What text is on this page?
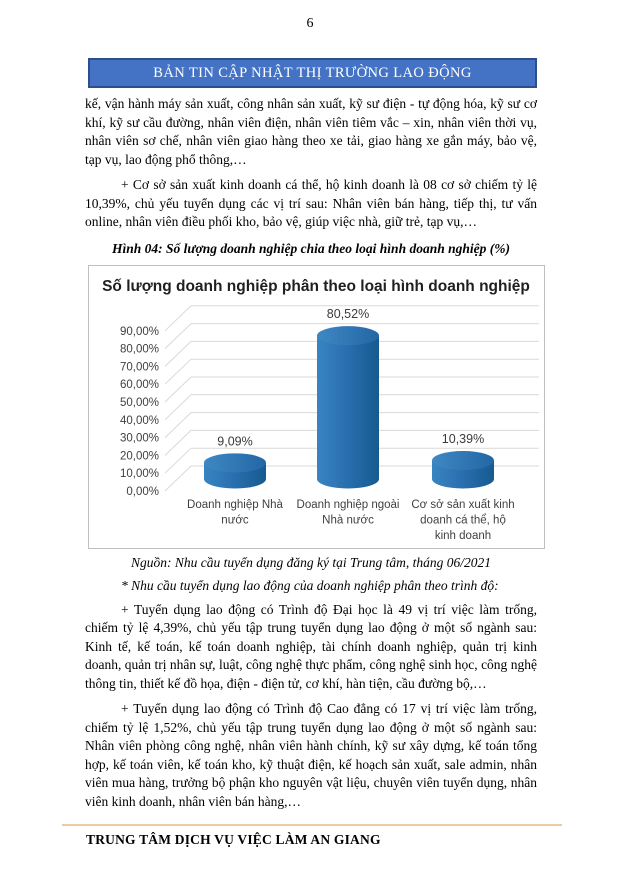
6
BẢN TIN CẬP NHẬT THỊ TRƯỜNG LAO ĐỘNG

kế, vận hành máy sản xuất, công nhân sản xuất, kỹ sư điện - tự động hóa, kỹ sư cơ khí, kỹ sư cầu đường, nhân viên điện, nhân viên tiêm vắc – xin, nhân viên thời vụ, nhân viên sơ chế, nhân viên giao hàng theo xe tải, giao hàng xe gắn máy, bảo vệ, tạp vụ, lao động phổ thông,…

+ Cơ sở sản xuất kinh doanh cá thể, hộ kinh doanh là 08 cơ sở chiếm tỷ lệ 10,39%, chủ yếu tuyển dụng các vị trí sau: Nhân viên bán hàng, tiếp thị, tư vấn online, nhân viên điều phối kho, bảo vệ, giúp việc nhà, giữ trẻ, tạp vụ,…

Hình 04: Số lượng doanh nghiệp chia theo loại hình doanh nghiệp (%)
Số lượng doanh nghiệp phân theo loại hình doanh nghiệp
0,00%
10,00%
20,00%
30,00%
40,00%
50,00%
60,00%
70,00%
80,00%
90,00%
9,09%
Doanh nghiệp Nhà
nước
80,52%
Doanh nghiệp ngoài
Nhà nước
10,39%
Cơ sở sản xuất kinh
doanh cá thể, hộ
kinh doanh
Nguồn: Nhu cầu tuyển dụng đăng ký tại Trung tâm, tháng 06/2021
* Nhu cầu tuyển dụng lao động của doanh nghiệp phân theo trình độ:

+ Tuyển dụng lao động có Trình độ Đại học là 49 vị trí việc làm trống, chiếm tỷ lệ 4,39%, chủ yếu tập trung tuyển dụng lao động ở một số ngành sau: Kinh tế, kế toán, kế toán doanh nghiệp, tài chính doanh nghiệp, quản trị kinh doanh, quản trị nhân sự, luật, công nghệ thực phẩm, công nghệ sinh học, công nghệ thông tin, thiết kế đồ họa, điện - điện tử, cơ khí, hàn tiện, cầu đường bộ,…

+ Tuyển dụng lao động có Trình độ Cao đẳng có 17 vị trí việc làm trống, chiếm tỷ lệ 1,52%, chủ yếu tập trung tuyển dụng lao động ở một số ngành sau: Nhân viên phòng công nghệ, nhân viên hành chính, kỹ sư xây dựng, kế toán tổng hợp, kế toán viên, kế toán kho, kỹ thuật điện, kế hoạch sản xuất, sale admin, nhân viên mua hàng, trưởng bộ phận kho nguyên vật liệu, chuyên viên tuyển dụng, nhân viên kinh doanh, nhân viên bán hàng,…

TRUNG TÂM DỊCH VỤ VIỆC LÀM AN GIANG
